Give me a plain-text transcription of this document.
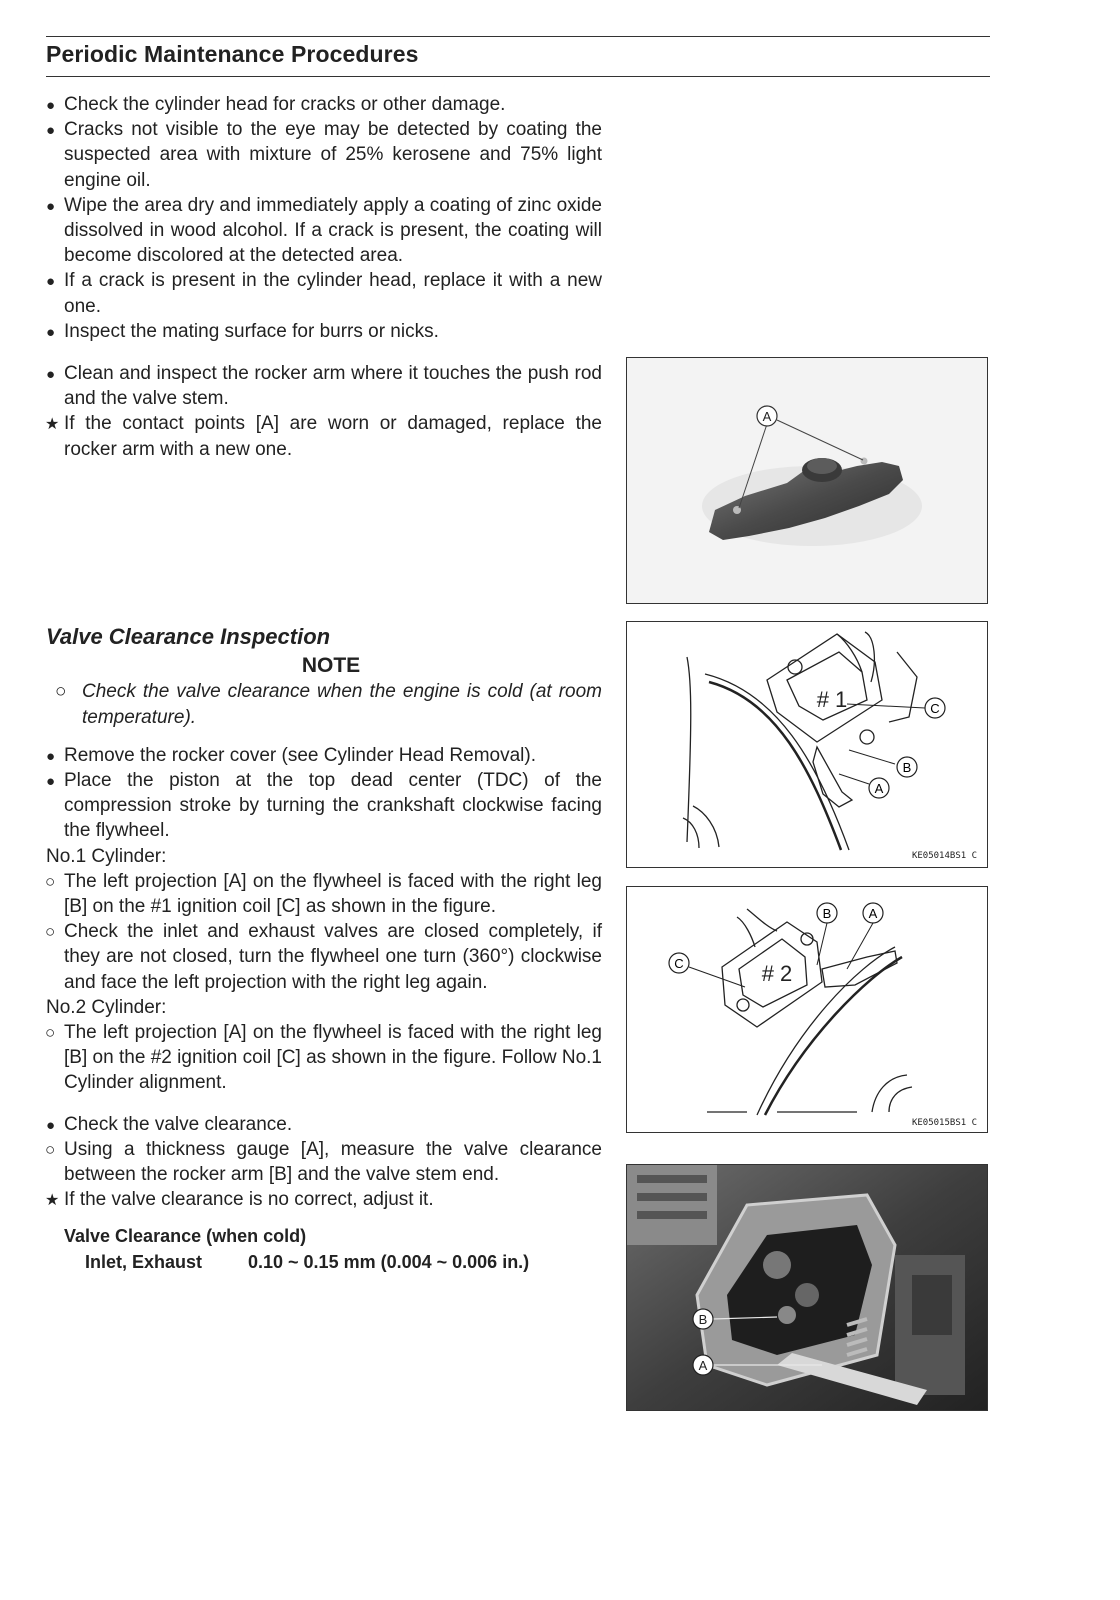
Periodic Maintenance Procedures
● Check the cylinder head for cracks or other damage.
● Cracks not visible to the eye may be detected by coating the suspected area with mixture of 25% kerosene and 75% light engine oil.
● Wipe the area dry and immediately apply a coating of zinc oxide dissolved in wood alcohol. If a crack is present, the coating will become discolored at the detected area.
● If a crack is present in the cylinder head, replace it with a new one.
● Inspect the mating surface for burrs or nicks.
● Clean and inspect the rocker arm where it touches the push rod and the valve stem.
★ If the contact points [A] are worn or damaged, replace the rocker arm with a new one.
Valve Clearance Inspection
NOTE
○ Check the valve clearance when the engine is cold (at room temperature).
● Remove the rocker cover (see Cylinder Head Removal).
● Place the piston at the top dead center (TDC) of the compression stroke by turning the crankshaft clockwise facing the flywheel.
No.1 Cylinder:
○ The left projection [A] on the flywheel is faced with the right leg [B] on the #1 ignition coil [C] as shown in the figure.
○ Check the inlet and exhaust valves are closed completely, if they are not closed, turn the flywheel one turn (360°) clockwise and face the left projection with the right leg again.
No.2 Cylinder:
○ The left projection [A] on the flywheel is faced with the right leg [B] on the #2 ignition coil [C] as shown in the figure. Follow No.1 Cylinder alignment.
● Check the valve clearance.
○ Using a thickness gauge [A], measure the valve clearance between the rocker arm [B] and the valve stem end.
★ If the valve clearance is no correct, adjust it.
Valve Clearance (when cold)
Inlet, Exhaust	0.10 ~ 0.15 mm (0.004 ~ 0.006 in.)
A
# 1	C
B
A
KE05014BS1 C
# 2
C
B	A
KE05015BS1 C
B
A
